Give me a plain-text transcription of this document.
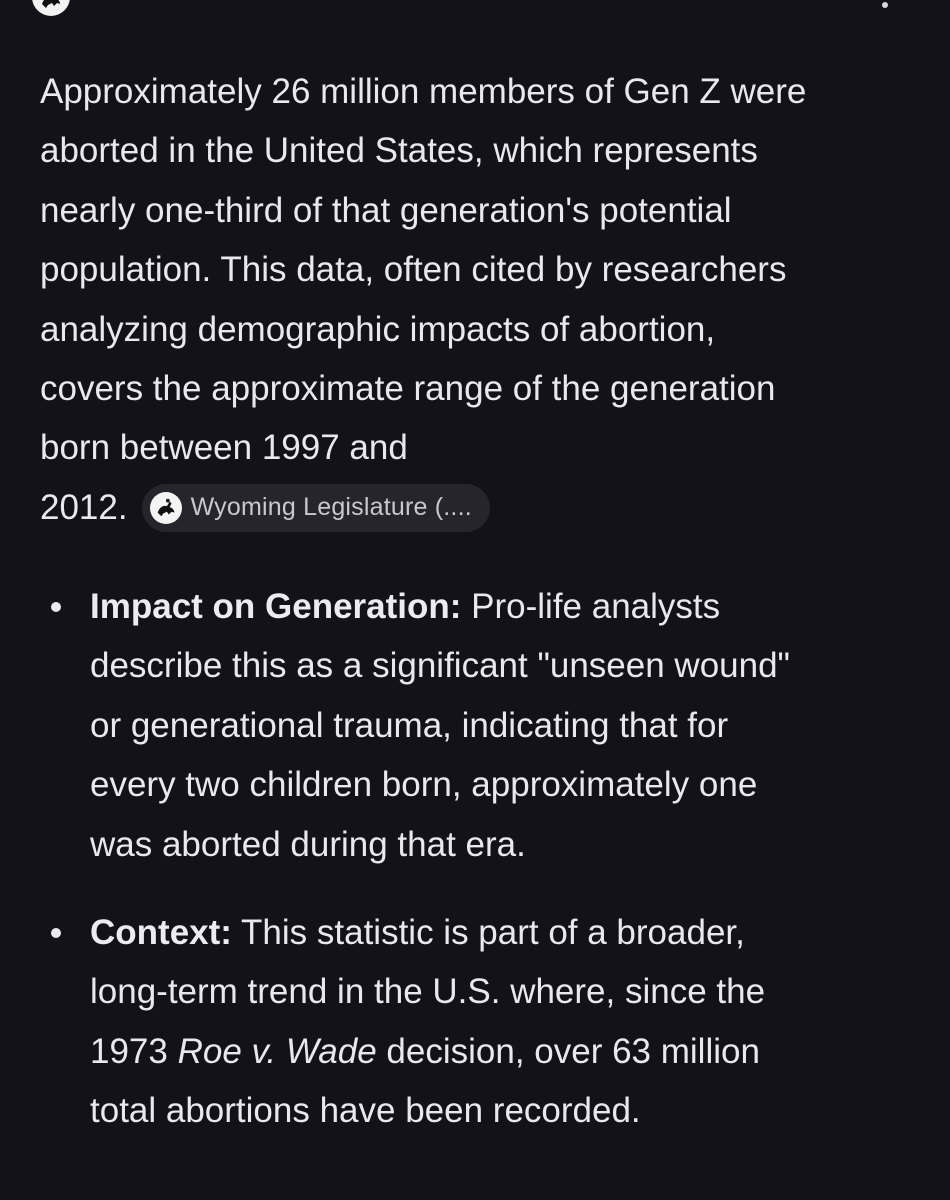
Approximately 26 million members of Gen Z were
aborted in the United States, which represents
nearly one-third of that generation's potential
population. This data, often cited by researchers
analyzing demographic impacts of abortion,
covers the approximate range of the generation
born between 1997 and
2012.	Wyoming Legislature (....
Impact on Generation: Pro-life analysts
describe this as a significant "unseen wound"
or generational trauma, indicating that for
every two children born, approximately one
was aborted during that era.
Context: This statistic is part of a broader,
long-term trend in the U.S. where, since the
1973 Roe v. Wade decision, over 63 million
total abortions have been recorded.
